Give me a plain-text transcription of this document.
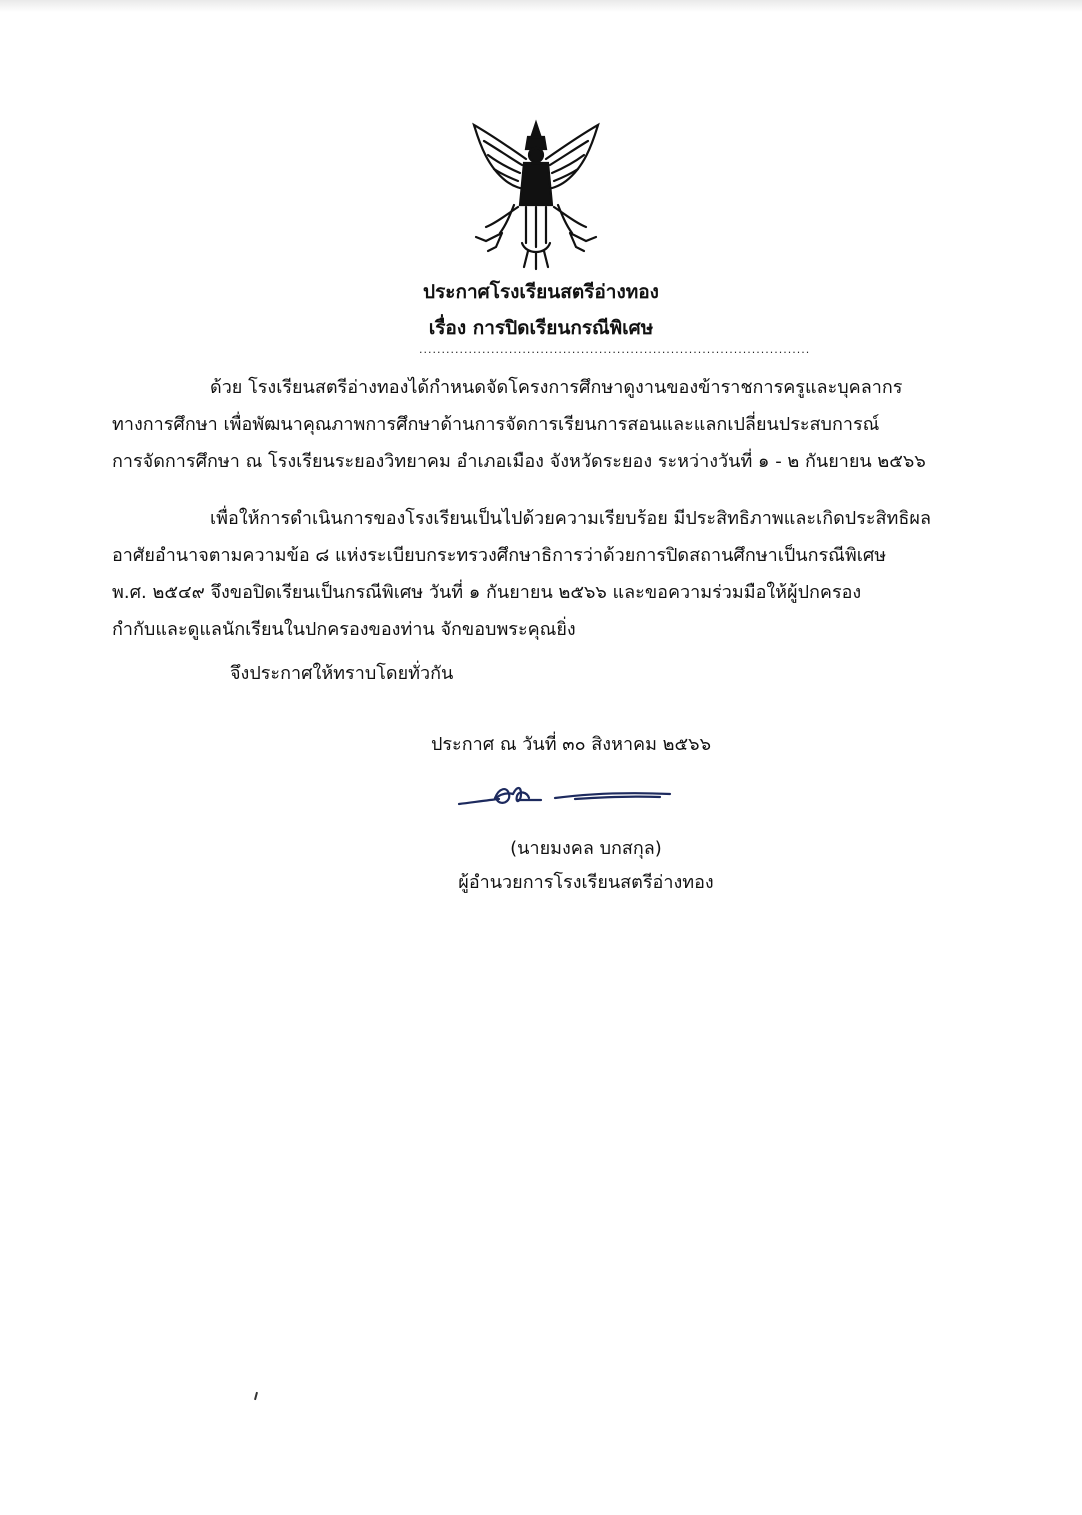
ประกาศโรงเรียนสตรีอ่างทอง
เรื่อง การปิดเรียนกรณีพิเศษ
.......................................................................................
ด้วย โรงเรียนสตรีอ่างทองได้กำหนดจัดโครงการศึกษาดูงานของข้าราชการครูและบุคลากร
ทางการศึกษา เพื่อพัฒนาคุณภาพการศึกษาด้านการจัดการเรียนการสอนและแลกเปลี่ยนประสบการณ์
การจัดการศึกษา ณ โรงเรียนระยองวิทยาคม อำเภอเมือง จังหวัดระยอง ระหว่างวันที่ ๑ - ๒ กันยายน ๒๕๖๖
เพื่อให้การดำเนินการของโรงเรียนเป็นไปด้วยความเรียบร้อย มีประสิทธิภาพและเกิดประสิทธิผล
อาศัยอำนาจตามความข้อ ๘ แห่งระเบียบกระทรวงศึกษาธิการว่าด้วยการปิดสถานศึกษาเป็นกรณีพิเศษ
พ.ศ. ๒๕๔๙ จึงขอปิดเรียนเป็นกรณีพิเศษ วันที่ ๑ กันยายน ๒๕๖๖ และขอความร่วมมือให้ผู้ปกครอง
กำกับและดูแลนักเรียนในปกครองของท่าน จักขอบพระคุณยิ่ง
จึงประกาศให้ทราบโดยทั่วกัน
ประกาศ ณ วันที่ ๓๐ สิงหาคม ๒๕๖๖
(นายมงคล บกสกุล)
ผู้อำนวยการโรงเรียนสตรีอ่างทอง
